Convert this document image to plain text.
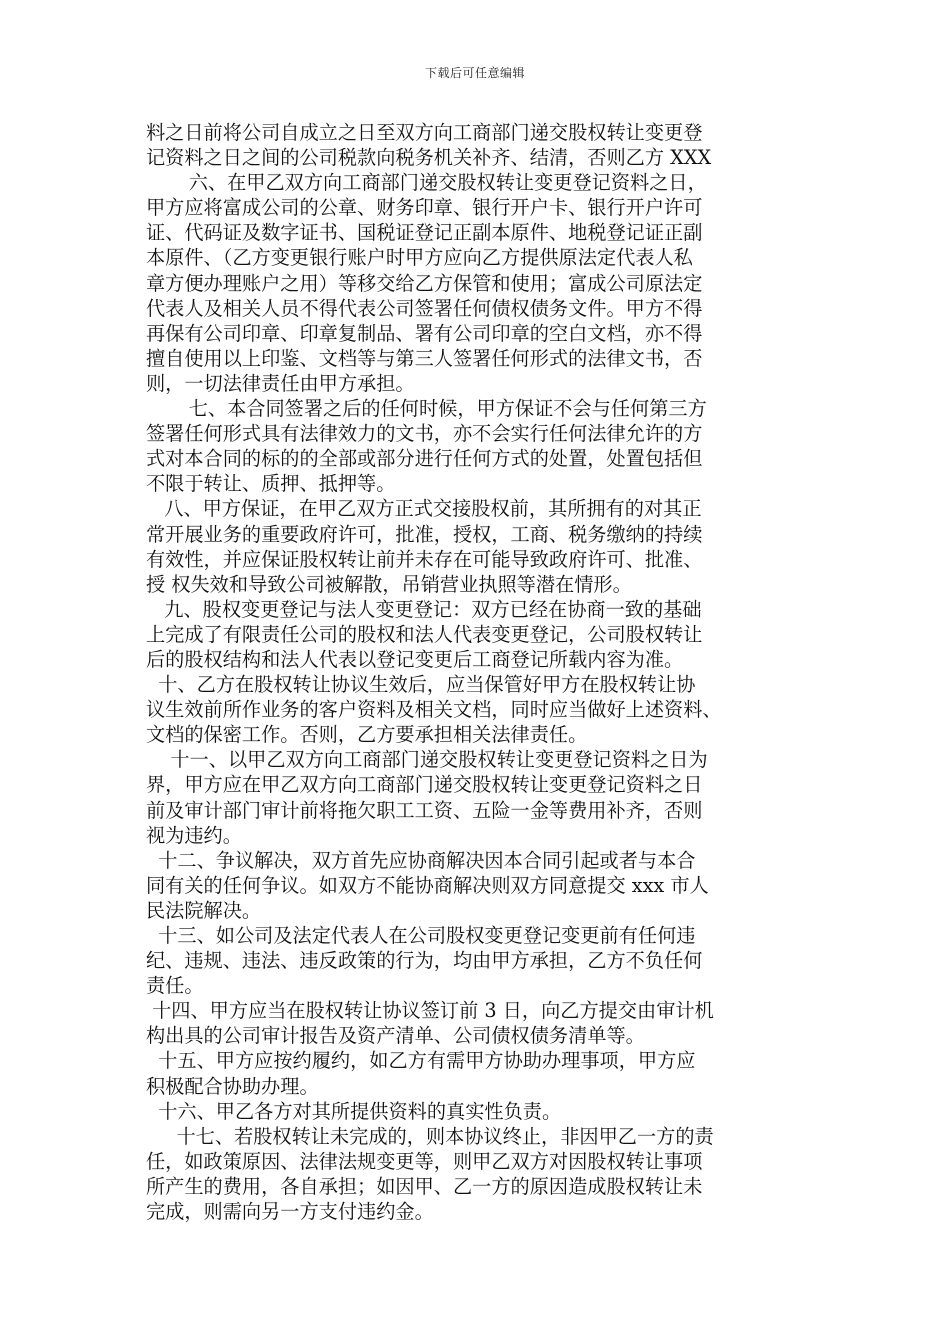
下载后可任意编辑
料之日前将公司自成立之日至双方向工商部门递交股权转让变更登
记资料之日之间的公司税款向税务机关补齐、结清，否则乙方 XXX
六、在甲乙双方向工商部门递交股权转让变更登记资料之日，
甲方应将富成公司的公章、财务印章、银行开户卡、银行开户许可
证、代码证及数字证书、国税证登记正副本原件、地税登记证正副
本原件、（乙方变更银行账户时甲方应向乙方提供原法定代表人私
章方便办理账户之用）等移交给乙方保管和使用；富成公司原法定
代表人及相关人员不得代表公司签署任何债权债务文件。甲方不得
再保有公司印章、印章复制品、署有公司印章的空白文档，亦不得
擅自使用以上印鉴、文档等与第三人签署任何形式的法律文书，否
则，一切法律责任由甲方承担。
七、本合同签署之后的任何时候，甲方保证不会与任何第三方
签署任何形式具有法律效力的文书，亦不会实行任何法律允许的方
式对本合同的标的的全部或部分进行任何方式的处置，处置包括但
不限于转让、质押、抵押等。
八、甲方保证，在甲乙双方正式交接股权前，其所拥有的对其正
常开展业务的重要政府许可，批准，授权，工商、税务缴纳的持续
有效性，并应保证股权转让前并未存在可能导致政府许可、批准、
授 权失效和导致公司被解散，吊销营业执照等潜在情形。
九、股权变更登记与法人变更登记：双方已经在协商一致的基础
上完成了有限责任公司的股权和法人代表变更登记，公司股权转让
后的股权结构和法人代表以登记变更后工商登记所载内容为准。
十、乙方在股权转让协议生效后，应当保管好甲方在股权转让协
议生效前所作业务的客户资料及相关文档，同时应当做好上述资料、
文档的保密工作。否则，乙方要承担相关法律责任。
十一、以甲乙双方向工商部门递交股权转让变更登记资料之日为
界，甲方应在甲乙双方向工商部门递交股权转让变更登记资料之日
前及审计部门审计前将拖欠职工工资、五险一金等费用补齐，否则
视为违约。
十二、争议解决，双方首先应协商解决因本合同引起或者与本合
同有关的任何争议。如双方不能协商解决则双方同意提交 xxx 市人
民法院解决。
十三、如公司及法定代表人在公司股权变更登记变更前有任何违
纪、违规、违法、违反政策的行为，均由甲方承担，乙方不负任何
责任。
十四、甲方应当在股权转让协议签订前 3 日，向乙方提交由审计机
构出具的公司审计报告及资产清单、公司债权债务清单等。
十五、甲方应按约履约，如乙方有需甲方协助办理事项，甲方应
积极配合协助办理。
十六、甲乙各方对其所提供资料的真实性负责。
十七、若股权转让未完成的，则本协议终止，非因甲乙一方的责
任，如政策原因、法律法规变更等，则甲乙双方对因股权转让事项
所产生的费用，各自承担；如因甲、乙一方的原因造成股权转让未
完成，则需向另一方支付违约金。
